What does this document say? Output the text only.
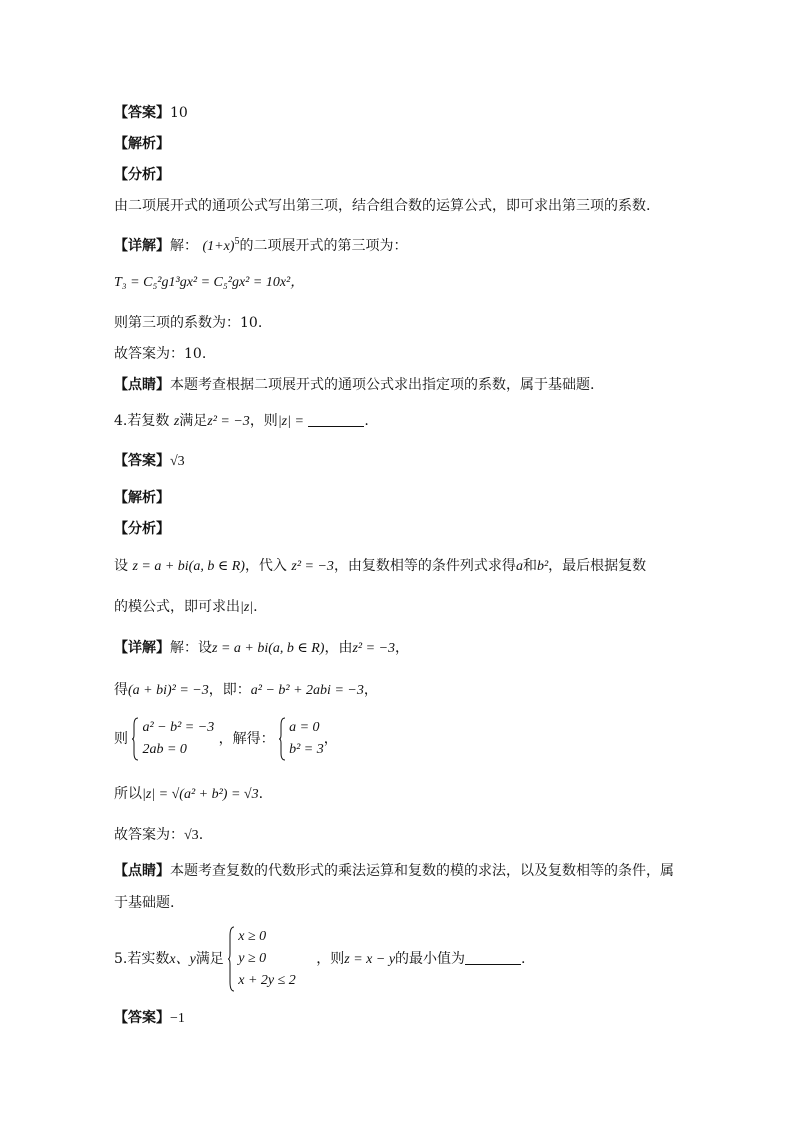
【答案】10
【解析】
【分析】
由二项展开式的通项公式写出第三项，结合组合数的运算公式，即可求出第三项的系数.
【详解】解： $(1+x)^5$的二项展开式的第三项为：
T₃ = C₅²g1³gx² = C₅²gx² = 10x²，
则第三项的系数为：10.
故答案为：10.
【点睛】本题考查根据二项展开式的通项公式求出指定项的系数，属于基础题.
4.若复数 z满足z² = −3，则|z| =	.
【答案】√3
【解析】
【分析】
设 z = a + bi(a, b ∈ R)，代入 z² = −3，由复数相等的条件列式求得a和b²，最后根据复数
的模公式，即可求出|z|.
【详解】解：设z = a + bi(a, b ∈ R)，由z² = −3，
得(a + bi)² = −3，即：a² − b² + 2abi = −3，
则
a² − b² = −3
2ab = 0
，解得：
a = 0
b² = 3
，
所以|z| = √(a² + b²) = √3.
故答案为：√3.
【点睛】本题考查复数的代数形式的乘法运算和复数的模的求法，以及复数相等的条件，属
于基础题.
5.若实数x、y满足
x ≥ 0
y ≥ 0
x + 2y ≤ 2
，则z = x − y的最小值为	.
【答案】−1
